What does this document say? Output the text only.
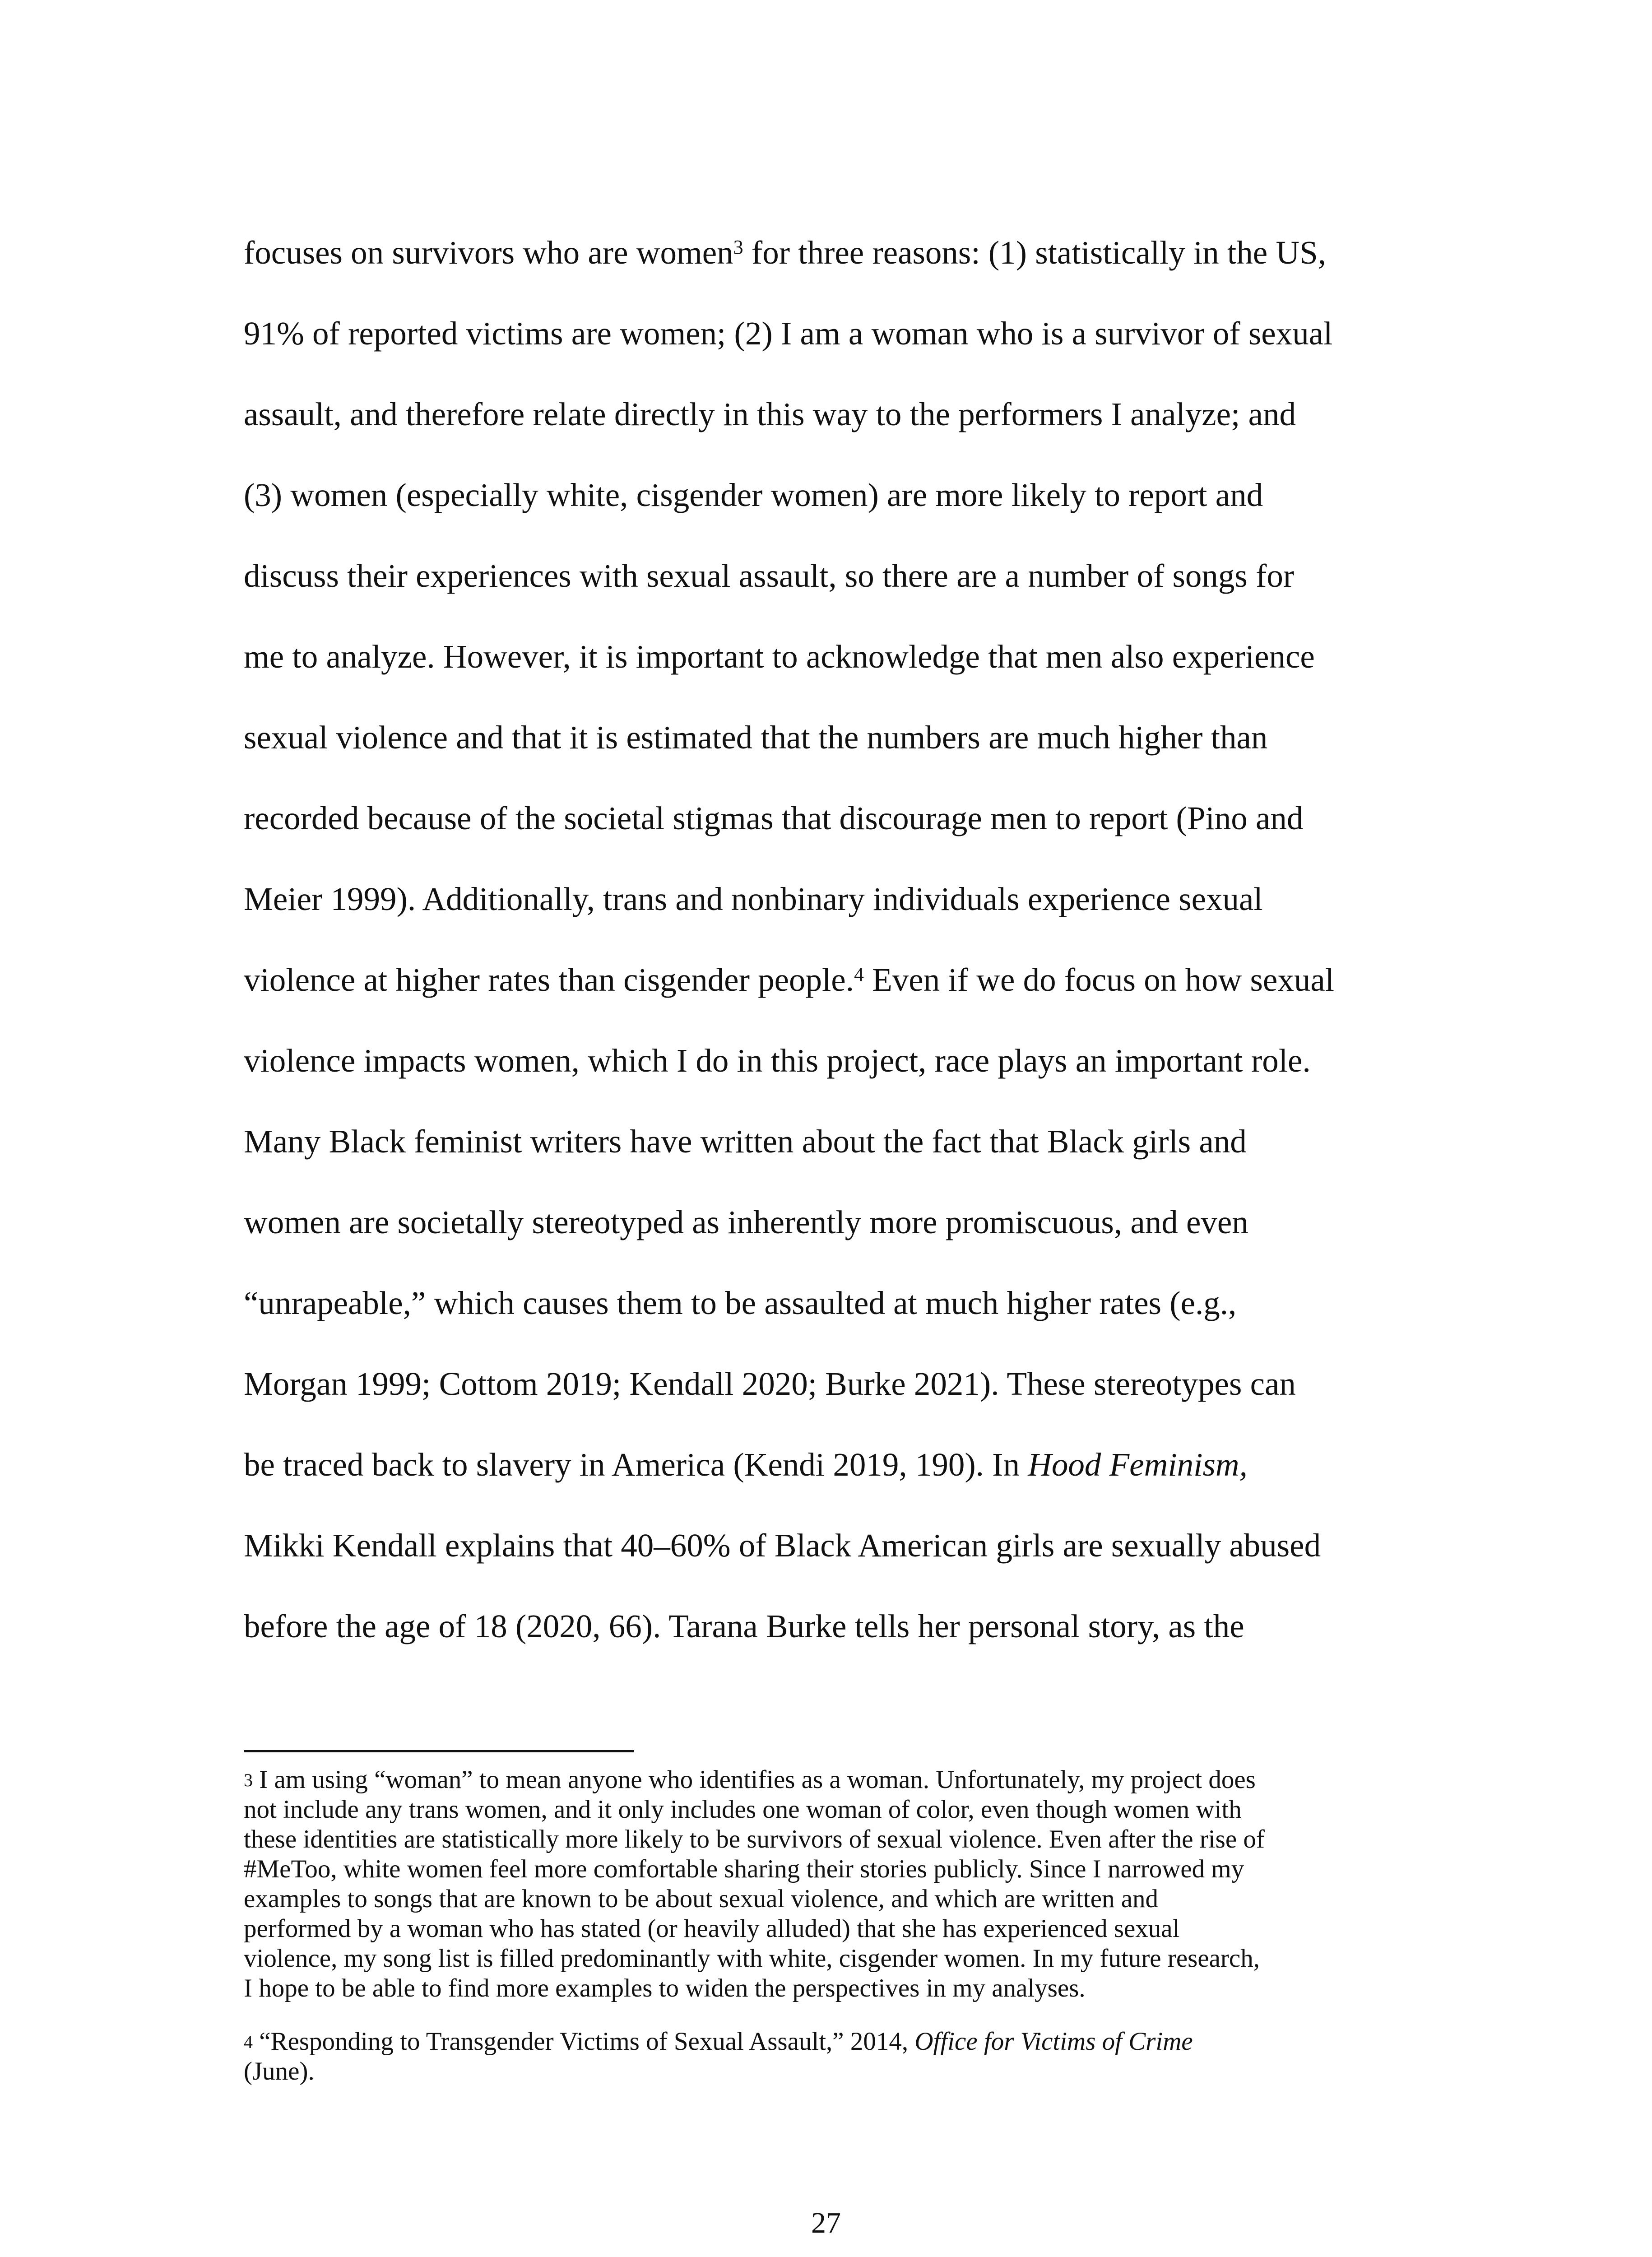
focuses on survivors who are women$^3$ for three reasons: (1) statistically in the US,
91% of reported victims are women; (2) I am a woman who is a survivor of sexual
assault, and therefore relate directly in this way to the performers I analyze; and
(3) women (especially white, cisgender women) are more likely to report and
discuss their experiences with sexual assault, so there are a number of songs for
me to analyze. However, it is important to acknowledge that men also experience
sexual violence and that it is estimated that the numbers are much higher than
recorded because of the societal stigmas that discourage men to report (Pino and
Meier 1999). Additionally, trans and nonbinary individuals experience sexual
violence at higher rates than cisgender people.$^4$ Even if we do focus on how sexual
violence impacts women, which I do in this project, race plays an important role.
Many Black feminist writers have written about the fact that Black girls and
women are societally stereotyped as inherently more promiscuous, and even
“unrapeable,” which causes them to be assaulted at much higher rates (e.g.,
Morgan 1999; Cottom 2019; Kendall 2020; Burke 2021). These stereotypes can
be traced back to slavery in America (Kendi 2019, 190). In Hood Feminism,
Mikki Kendall explains that 40–60% of Black American girls are sexually abused
before the age of 18 (2020, 66). Tarana Burke tells her personal story, as the
3 I am using “woman” to mean anyone who identifies as a woman. Unfortunately, my project does
not include any trans women, and it only includes one woman of color, even though women with
these identities are statistically more likely to be survivors of sexual violence. Even after the rise of
#MeToo, white women feel more comfortable sharing their stories publicly. Since I narrowed my
examples to songs that are known to be about sexual violence, and which are written and
performed by a woman who has stated (or heavily alluded) that she has experienced sexual
violence, my song list is filled predominantly with white, cisgender women. In my future research,
I hope to be able to find more examples to widen the perspectives in my analyses.
4 “Responding to Transgender Victims of Sexual Assault,” 2014, Office for Victims of Crime
(June).
27
